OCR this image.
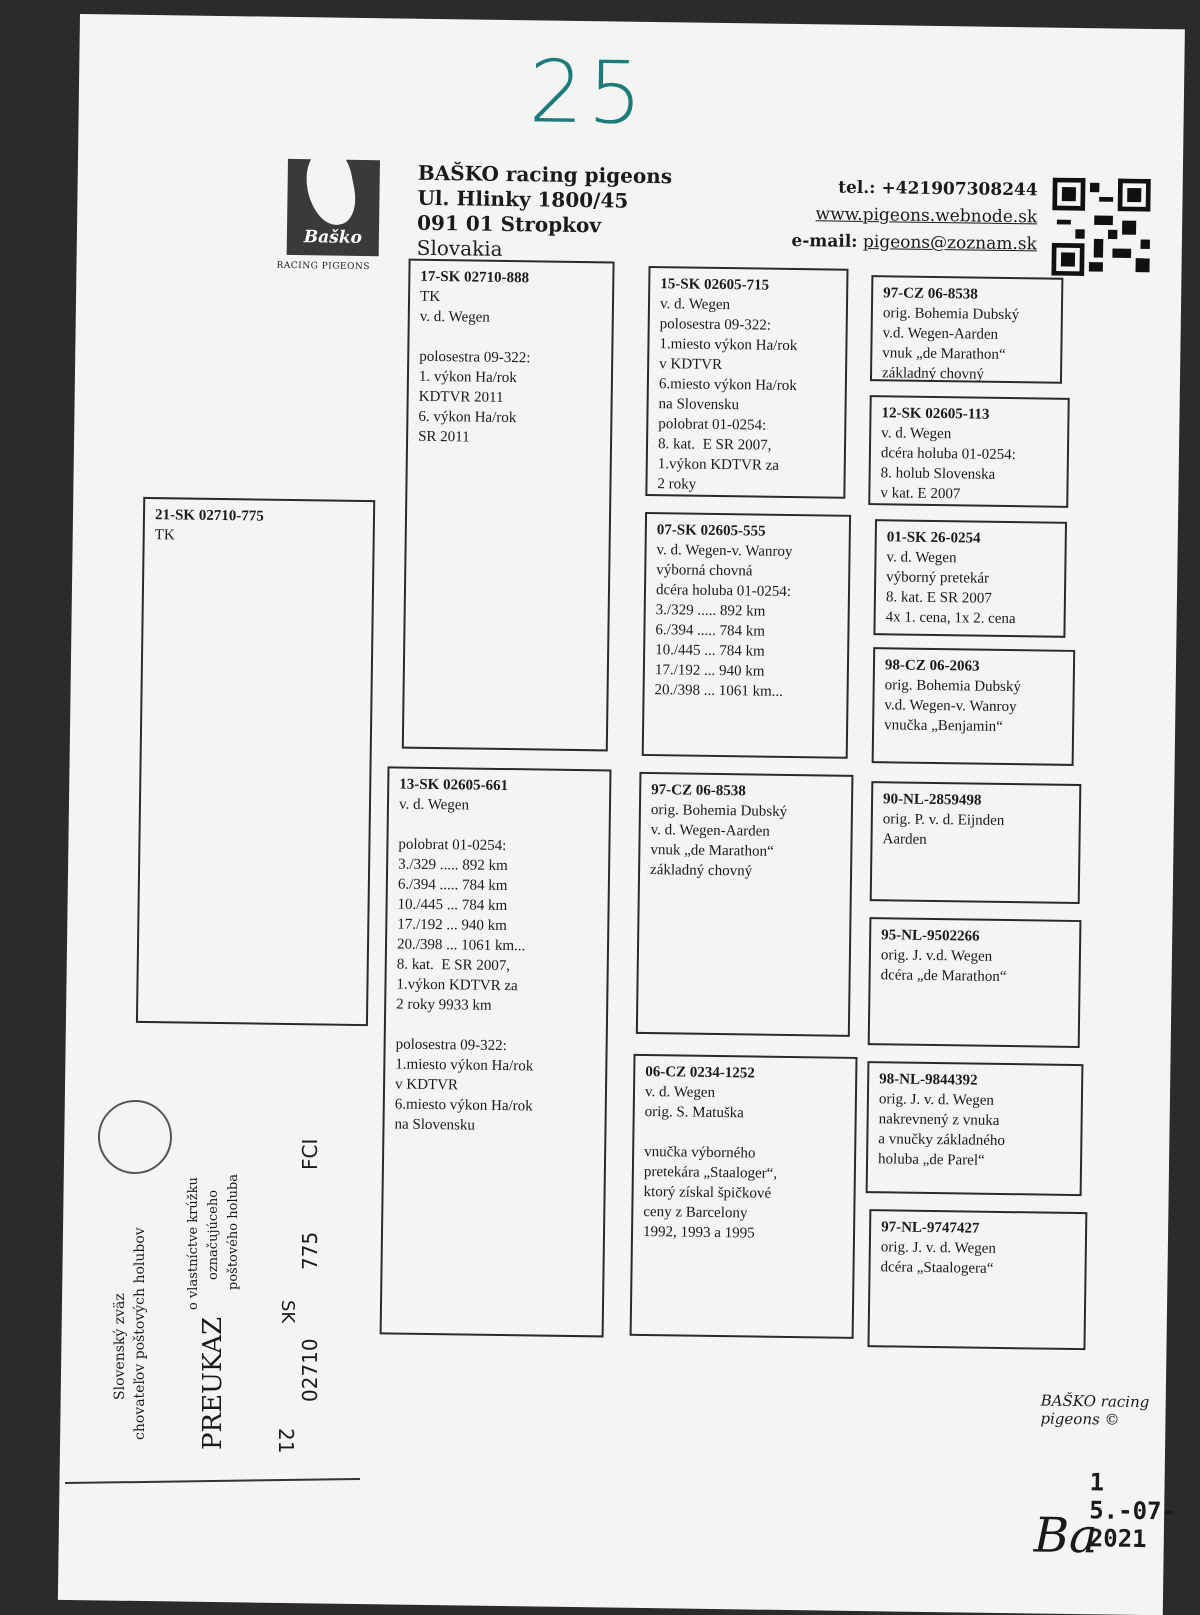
25
Baško
RACING PIGEONS
BAŠKO racing pigeons
Ul. Hlinky 1800/45
091 01 Stropkov
Slovakia
tel.: +421907308244
www.pigeons.webnode.sk
e-mail: pigeons@zoznam.sk
21-SK 02710-775
TK
17-SK 02710-888
TK
v. d. Wegen
polosestra 09-322:
1. výkon Ha/rok
KDTVR 2011
6. výkon Ha/rok
SR 2011
13-SK 02605-661
v. d. Wegen
polobrat 01-0254:
3./329 ..... 892 km
6./394 ..... 784 km
10./445 ... 784 km
17./192 ... 940 km
20./398 ... 1061 km...
8. kat.  E SR 2007,
1.výkon KDTVR za
2 roky 9933 km
polosestra 09-322:
1.miesto výkon Ha/rok
v KDTVR
6.miesto výkon Ha/rok
na Slovensku
15-SK 02605-715
v. d. Wegen
polosestra 09-322:
1.miesto výkon Ha/rok
v KDTVR
6.miesto výkon Ha/rok
na Slovensku
polobrat 01-0254:
8. kat.  E SR 2007,
1.výkon KDTVR za
2 roky
07-SK 02605-555
v. d. Wegen-v. Wanroy
výborná chovná
dcéra holuba 01-0254:
3./329 ..... 892 km
6./394 ..... 784 km
10./445 ... 784 km
17./192 ... 940 km
20./398 ... 1061 km...
97-CZ 06-8538
orig. Bohemia Dubský
v. d. Wegen-Aarden
vnuk „de Marathon“
základný chovný
06-CZ 0234-1252
v. d. Wegen
orig. S. Matuška
vnučka výborného
pretekára „Staaloger“,
ktorý získal špičkové
ceny z Barcelony
1992, 1993 a 1995
97-CZ 06-8538
orig. Bohemia Dubský
v.d. Wegen-Aarden
vnuk „de Marathon“
základný chovný
12-SK 02605-113
v. d. Wegen
dcéra holuba 01-0254:
8. holub Slovenska
v kat. E 2007
01-SK 26-0254
v. d. Wegen
výborný pretekár
8. kat. E SR 2007
4x 1. cena, 1x 2. cena
98-CZ 06-2063
orig. Bohemia Dubský
v.d. Wegen-v. Wanroy
vnučka „Benjamin“
90-NL-2859498
orig. P. v. d. Eijnden
Aarden
95-NL-9502266
orig. J. v.d. Wegen
dcéra „de Marathon“
98-NL-9844392
orig. J. v. d. Wegen
nakrevnený z vnuka
a vnučky základného
holuba „de Parel“
97-NL-9747427
orig. J. v. d. Wegen
dcéra „Staalogera“
BAŠKO racing pigeons ©
1 5.-07- 2021
Ba
Slovenský zväz chovateľov poštových holubov PREUKAZ
o vlastníctve krúžku označujúceho poštového holuba
21
02710
SK
775
FCI
